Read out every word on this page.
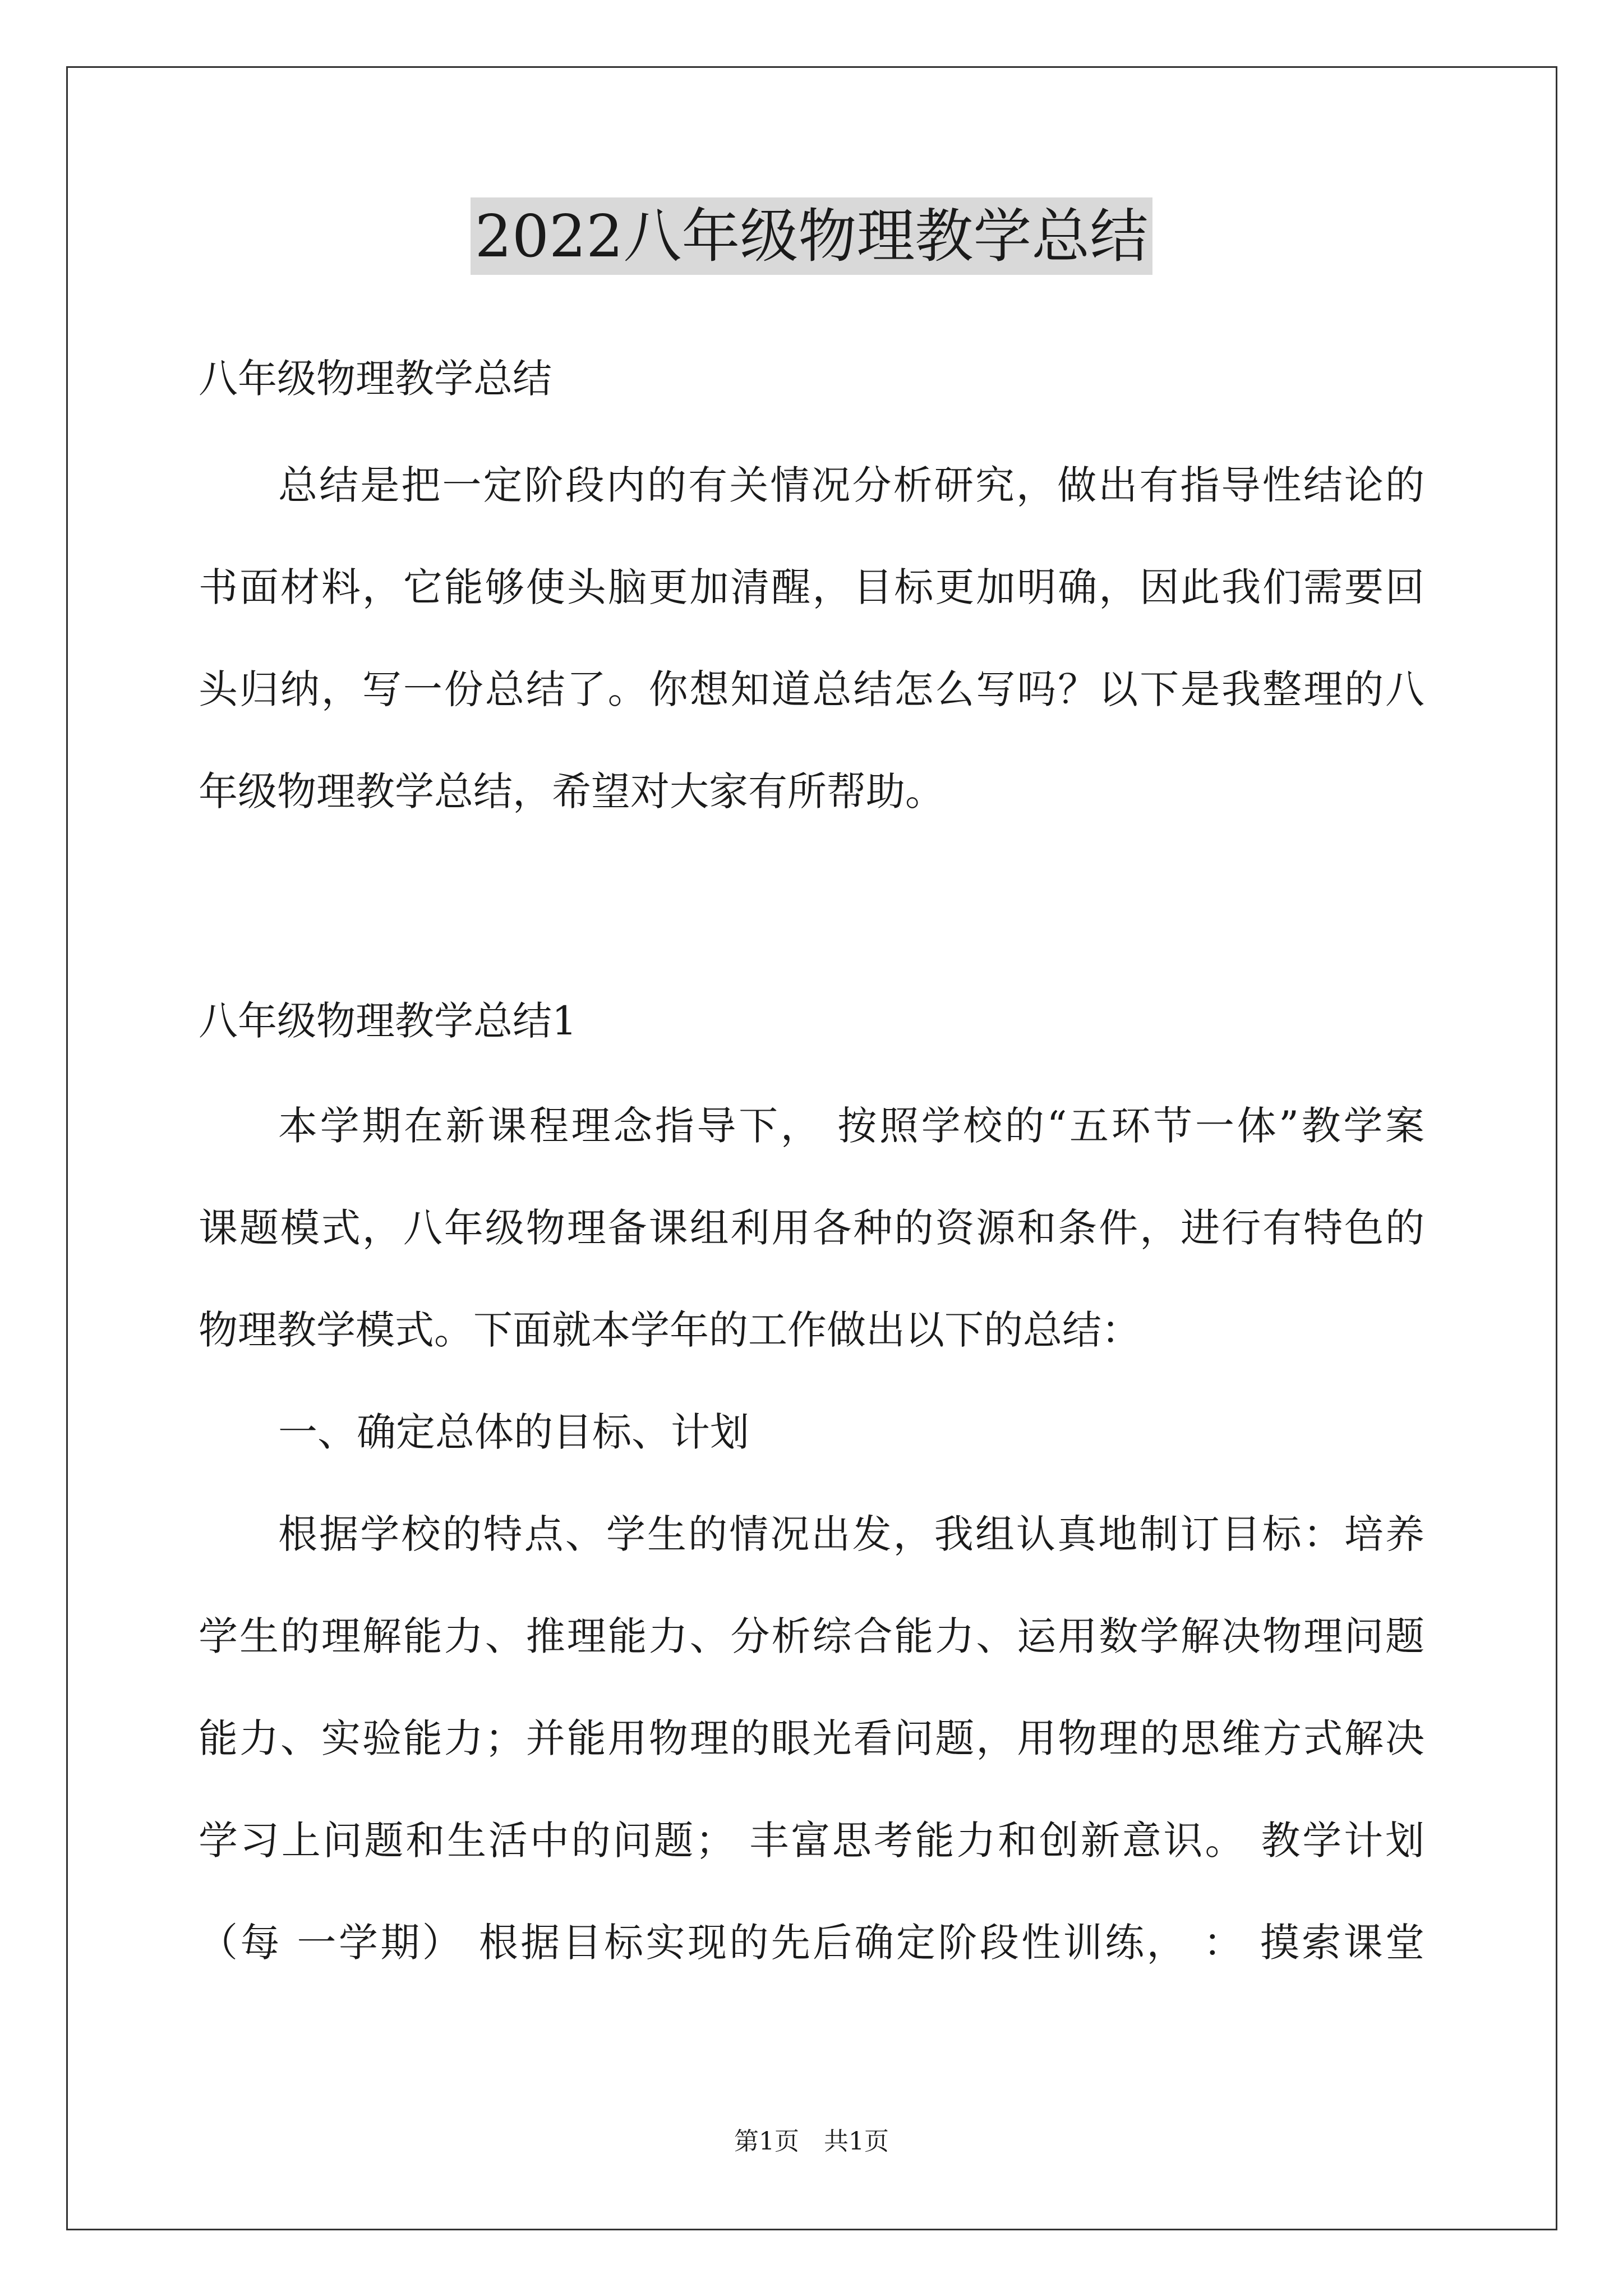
2022八年级物理教学总结
八年级物理教学总结
总结是把一定阶段内的有关情况分析研究，做出有指导性结论的
书面材料，它能够使头脑更加清醒，目标更加明确，因此我们需要回
头归纳，写一份总结了。你想知道总结怎么写吗？以下是我整理的八
年级物理教学总结，希望对大家有所帮助。
八年级物理教学总结1
本学期在新课程理念指导下， 按照学校的“五环节一体”教学案
课题模式，八年级物理备课组利用各种的资源和条件，进行有特色的
物理教学模式。下面就本学年的工作做出以下的总结：
一、确定总体的目标、计划
根据学校的特点、学生的情况出发，我组认真地制订目标：培养
学生的理解能力、推理能力、分析综合能力、运用数学解决物理问题
能力、实验能力；并能用物理的眼光看问题，用物理的思维方式解决
学习上问题和生活中的问题； 丰富思考能力和创新意识。 教学计划
（每 一学期） 根据目标实现的先后确定阶段性训练， ： 摸索课堂
第1页　共1页
